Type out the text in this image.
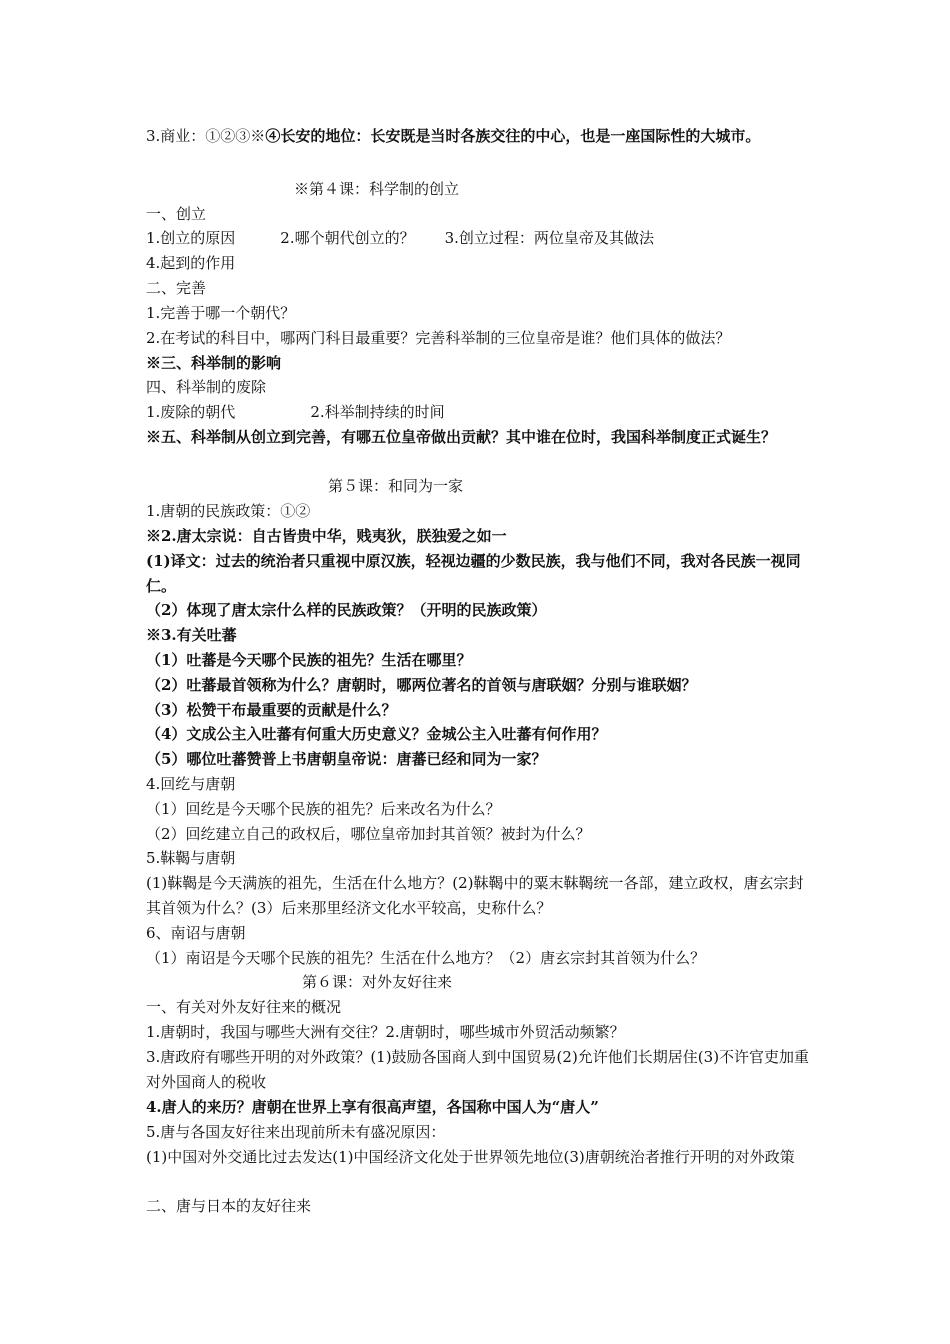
3.商业：①②③※④长安的地位：长安既是当时各族交往的中心，也是一座国际性的大城市。
※第４课：科学制的创立
一、创立
1.创立的原因　　　2.哪个朝代创立的？　　3.创立过程：两位皇帝及其做法
4.起到的作用
二、完善
1.完善于哪一个朝代？
2.在考试的科目中，哪两门科目最重要？完善科举制的三位皇帝是谁？他们具体的做法？
※三、科举制的影响
四、科举制的废除
1.废除的朝代　　　　　2.科举制持续的时间
※五、科举制从创立到完善，有哪五位皇帝做出贡献？其中谁在位时，我国科举制度正式诞生？
第５课：和同为一家
1.唐朝的民族政策：①②
※2.唐太宗说：自古皆贵中华，贱夷狄，朕独爱之如一
(1)译文：过去的统治者只重视中原汉族，轻视边疆的少数民族，我与他们不同，我对各民族一视同仁。
（2）体现了唐太宗什么样的民族政策？（开明的民族政策）
※3.有关吐蕃
（1）吐蕃是今天哪个民族的祖先？生活在哪里？
（2）吐蕃最首领称为什么？唐朝时，哪两位著名的首领与唐联姻？分别与谁联姻？
（3）松赞干布最重要的贡献是什么？
（4）文成公主入吐蕃有何重大历史意义？金城公主入吐蕃有何作用？
（5）哪位吐蕃赞普上书唐朝皇帝说：唐蕃已经和同为一家？
4.回纥与唐朝
（1）回纥是今天哪个民族的祖先？后来改名为什么？
（2）回纥建立自己的政权后，哪位皇帝加封其首领？被封为什么？
5.靺鞨与唐朝
(1)靺鞨是今天满族的祖先，生活在什么地方？(2)靺鞨中的粟末靺鞨统一各部，建立政权，唐玄宗封其首领为什么？(3）后来那里经济文化水平较高，史称什么？
6、南诏与唐朝
（1）南诏是今天哪个民族的祖先？生活在什么地方？（2）唐玄宗封其首领为什么？
第６课：对外友好往来
一、有关对外友好往来的概况
1.唐朝时，我国与哪些大洲有交往？2.唐朝时，哪些城市外贸活动频繁？
3.唐政府有哪些开明的对外政策？(1)鼓励各国商人到中国贸易(2)允许他们长期居住(3)不许官吏加重对外国商人的税收
4.唐人的来历？唐朝在世界上享有很高声望，各国称中国人为“唐人”
5.唐与各国友好往来出现前所未有盛况原因：
(1)中国对外交通比过去发达(1)中国经济文化处于世界领先地位(3)唐朝统治者推行开明的对外政策
二、唐与日本的友好往来
